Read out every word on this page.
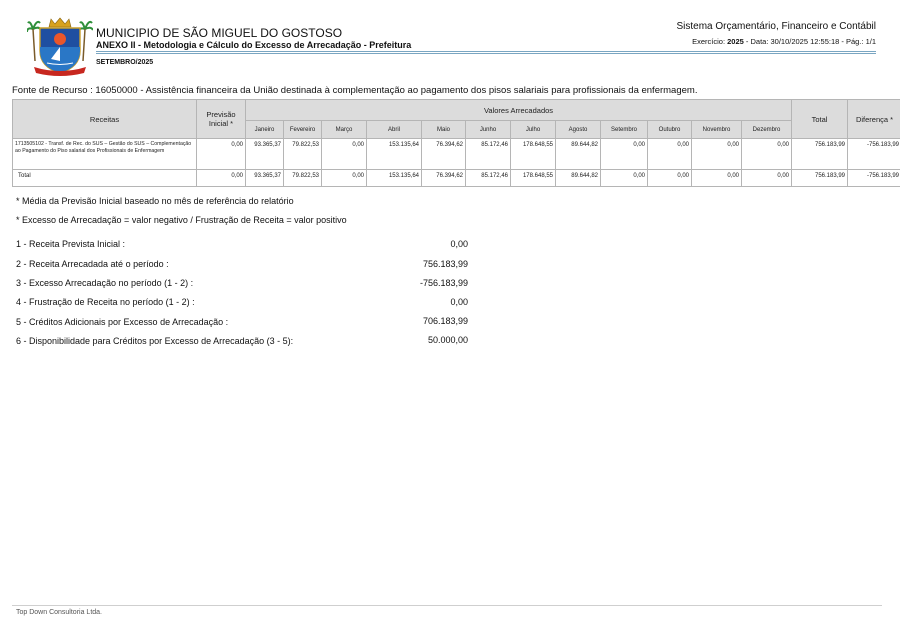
MUNICIPIO DE SÃO MIGUEL DO GOSTOSO
ANEXO II - Metodologia e Cálculo do Excesso de Arrecadação - Prefeitura
SETEMBRO/2025
Sistema Orçamentário, Financeiro e Contábil
Exercício: 2025 - Data: 30/10/2025 12:55:18 - Pág.: 1/1
Fonte de Recurso : 16050000 - Assistência financeira da União destinada à complementação ao pagamento dos pisos salariais para profissionais da enfermagem.
Receitas	Previsão Inicial *	Valores Arrecadados												Total	Diferença *
		Janeiro	Fevereiro	Março	Abril	Maio	Junho	Julho	Agosto	Setembro	Outubro	Novembro	Dezembro		
1713505102 - Transf. de Rec. do SUS – Gestão do SUS – Complementação ao Pagamento do Piso salarial dos Profissionais de Enfermagem	0,00	93.365,37	79.822,53	0,00	153.135,64	76.394,62	85.172,46	178.648,55	89.644,82	0,00	0,00	0,00	0,00	756.183,99	-756.183,99
Total	0,00	93.365,37	79.822,53	0,00	153.135,64	76.394,62	85.172,46	178.648,55	89.644,82	0,00	0,00	0,00	0,00	756.183,99	-756.183,99
* Média da Previsão Inicial baseado no mês de referência do relatório
* Excesso de Arrecadação = valor negativo / Frustração de Receita = valor positivo
1 - Receita Prevista Inicial :	0,00
2 - Receita Arrecadada até o período :	756.183,99
3 - Excesso Arrecadação no período (1 - 2) :	-756.183,99
4 - Frustração de Receita no período (1 - 2) :	0,00
5 - Créditos Adicionais por Excesso de Arrecadação :	706.183,99
6 - Disponibilidade para Créditos por Excesso de Arrecadação (3 - 5):	50.000,00
Top Down Consultoria Ltda.
